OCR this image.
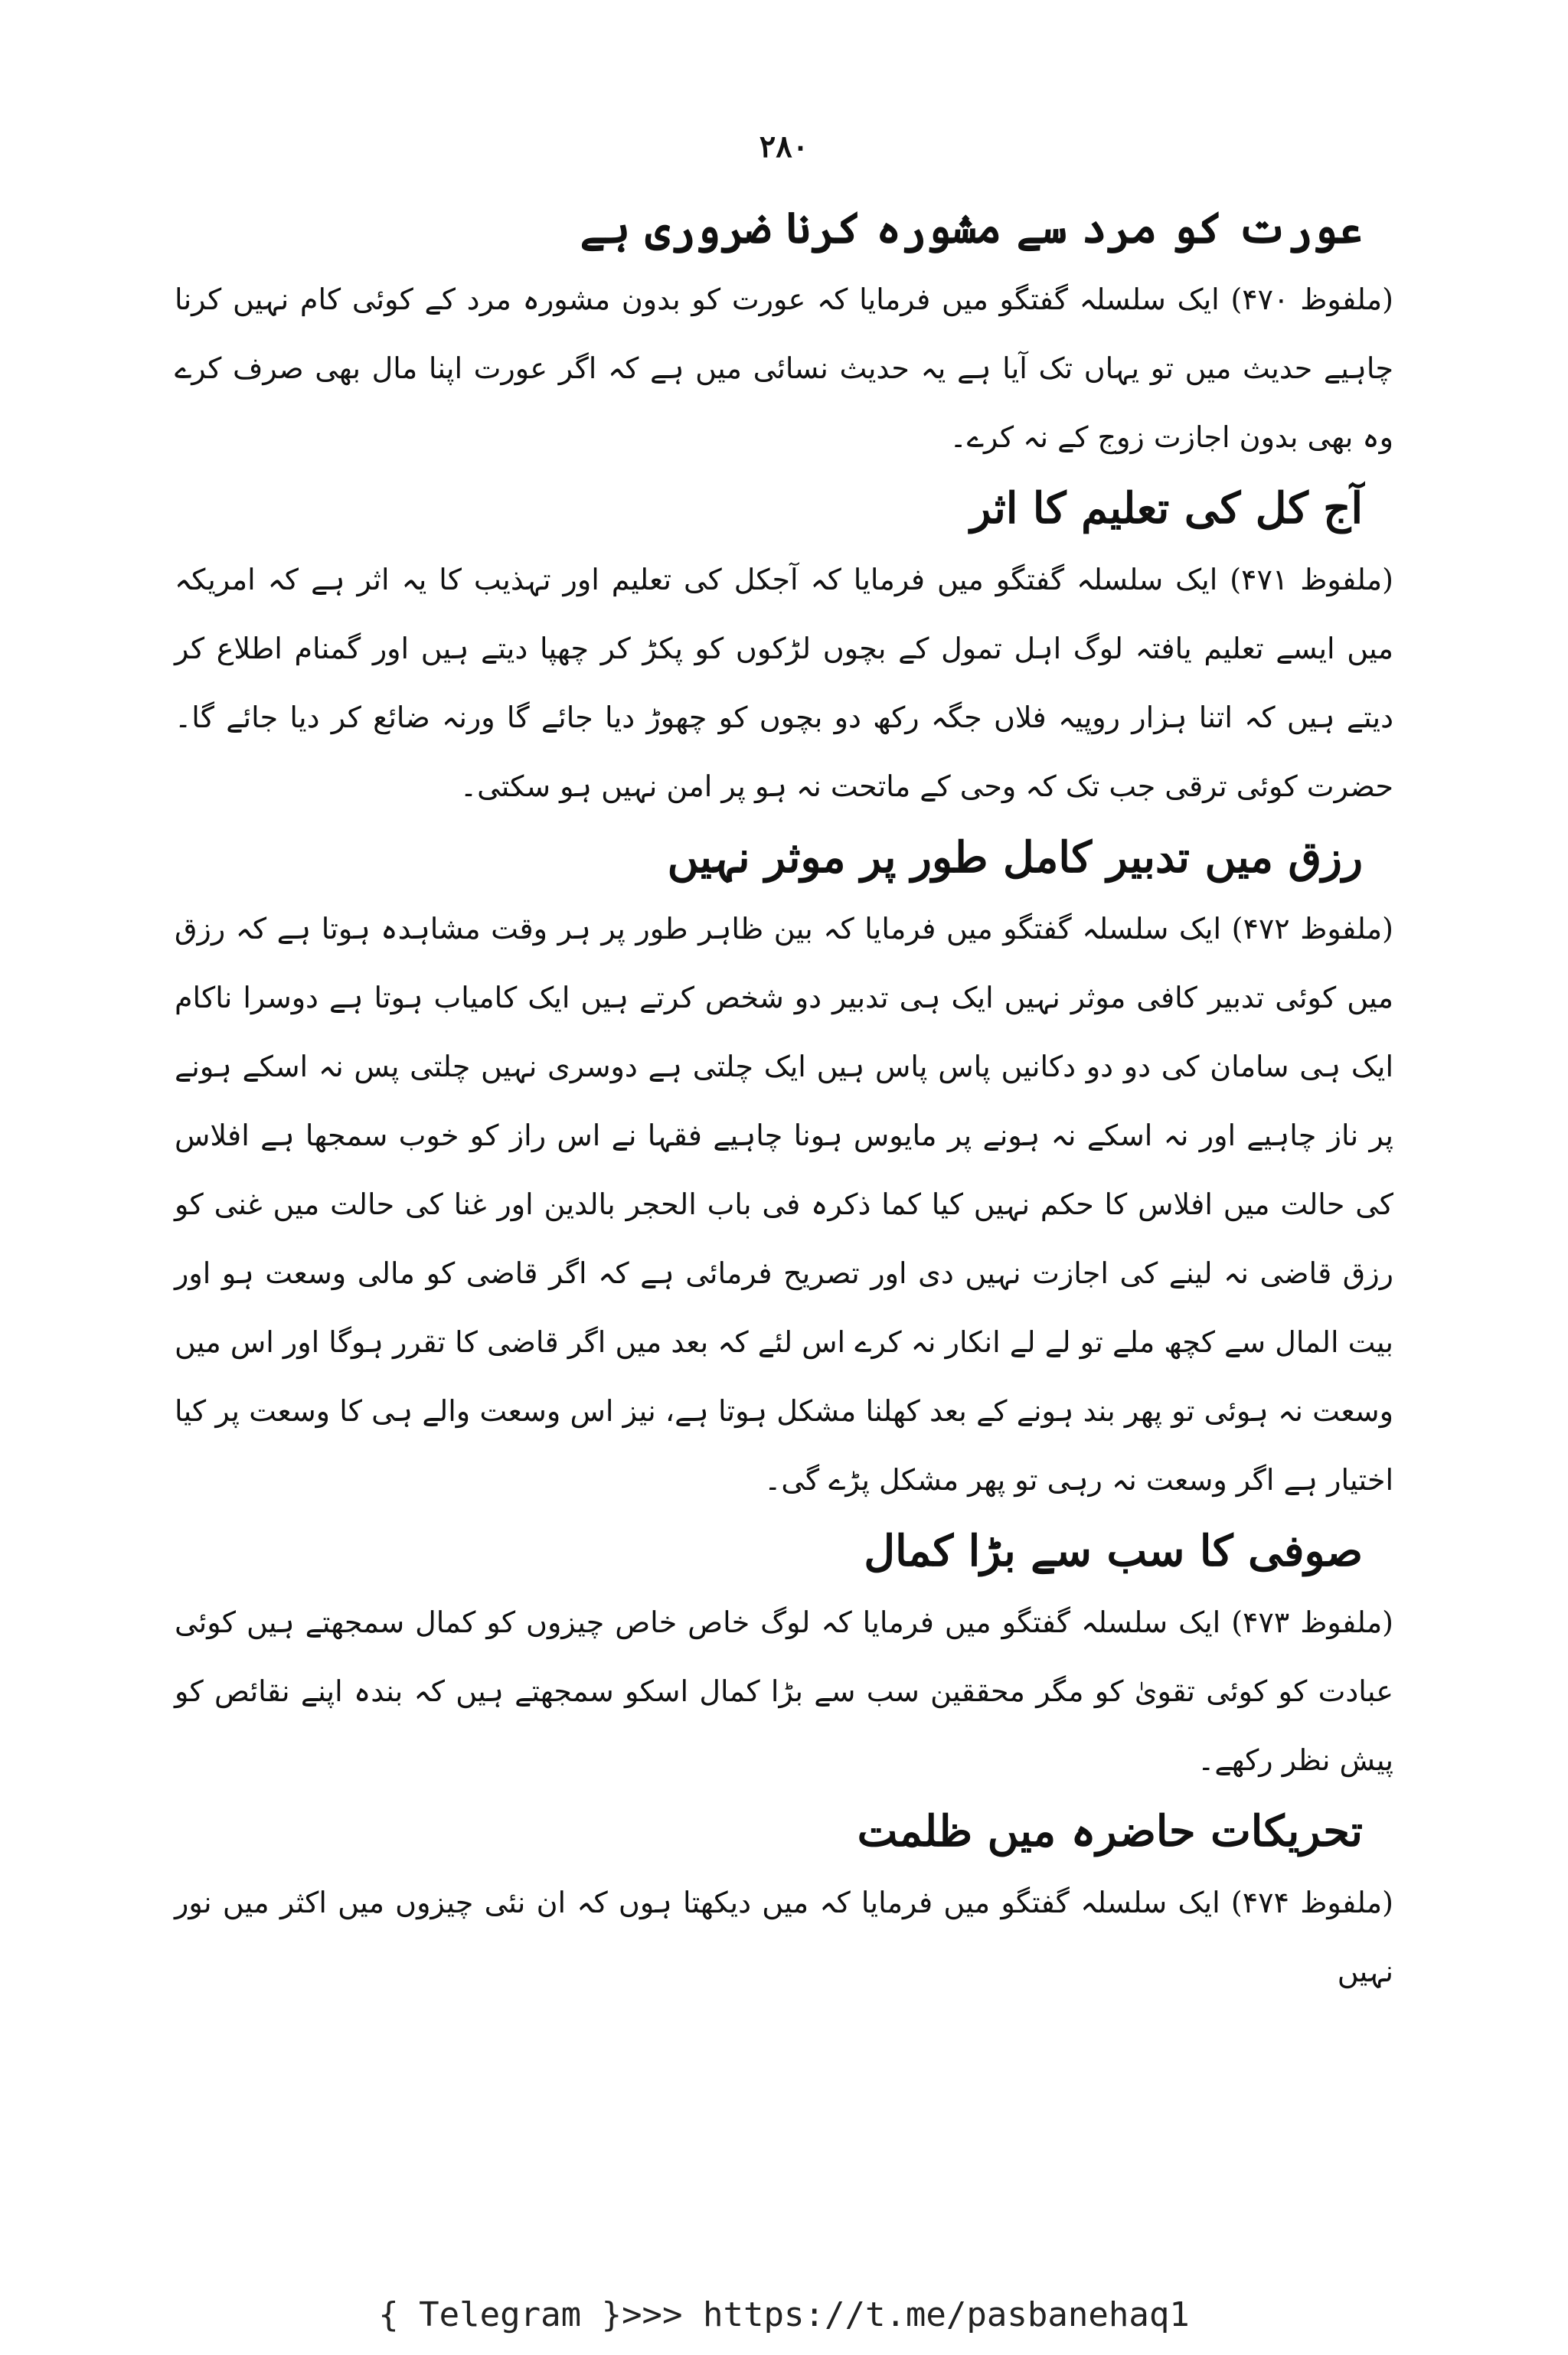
۲۸۰
عورت کو مرد سے مشورہ کرنا ضروری ہے

(ملفوظ ۴۷۰) ایک سلسلہ گفتگو میں فرمایا کہ عورت کو بدون مشورہ مرد کے کوئی کام نہیں کرنا چاہیے حدیث میں تو یہاں تک آیا ہے یہ حدیث نسائی میں ہے کہ اگر عورت اپنا مال بھی صرف کرے وہ بھی بدون اجازت زوج کے نہ کرے۔

آج کل کی تعلیم کا اثر

(ملفوظ ۴۷۱) ایک سلسلہ گفتگو میں فرمایا کہ آجکل کی تعلیم اور تہذیب کا یہ اثر ہے کہ امریکہ میں ایسے تعلیم یافتہ لوگ اہل تمول کے بچوں لڑکوں کو پکڑ کر چھپا دیتے ہیں اور گمنام اطلاع کر دیتے ہیں کہ اتنا ہزار روپیہ فلاں جگہ رکھ دو بچوں کو چھوڑ دیا جائے گا ورنہ ضائع کر دیا جائے گا۔ حضرت کوئی ترقی جب تک کہ وحی کے ماتحت نہ ہو پر امن نہیں ہو سکتی۔

رزق میں تدبیر کامل طور پر موثر نہیں

(ملفوظ ۴۷۲) ایک سلسلہ گفتگو میں فرمایا کہ بین ظاہر طور پر ہر وقت مشاہدہ ہوتا ہے کہ رزق میں کوئی تدبیر کافی موثر نہیں ایک ہی تدبیر دو شخص کرتے ہیں ایک کامیاب ہوتا ہے دوسرا ناکام ایک ہی سامان کی دو دو دکانیں پاس پاس ہیں ایک چلتی ہے دوسری نہیں چلتی پس نہ اسکے ہونے پر ناز چاہیے اور نہ اسکے نہ ہونے پر مایوس ہونا چاہیے فقہا نے اس راز کو خوب سمجھا ہے افلاس کی حالت میں افلاس کا حکم نہیں کیا کما ذکرہ فی باب الحجر بالدین اور غنا کی حالت میں غنی کو رزق قاضی نہ لینے کی اجازت نہیں دی اور تصریح فرمائی ہے کہ اگر قاضی کو مالی وسعت ہو اور بیت المال سے کچھ ملے تو لے لے انکار نہ کرے اس لئے کہ بعد میں اگر قاضی کا تقرر ہوگا اور اس میں وسعت نہ ہوئی تو پھر بند ہونے کے بعد کھلنا مشکل ہوتا ہے، نیز اس وسعت والے ہی کا وسعت پر کیا اختیار ہے اگر وسعت نہ رہی تو پھر مشکل پڑے گی۔

صوفی کا سب سے بڑا کمال

(ملفوظ ۴۷۳) ایک سلسلہ گفتگو میں فرمایا کہ لوگ خاص خاص چیزوں کو کمال سمجھتے ہیں کوئی عبادت کو کوئی تقویٰ کو مگر محققین سب سے بڑا کمال اسکو سمجھتے ہیں کہ بندہ اپنے نقائص کو پیش نظر رکھے۔

تحریکات حاضرہ میں ظلمت

(ملفوظ ۴۷۴) ایک سلسلہ گفتگو میں فرمایا کہ میں دیکھتا ہوں کہ ان نئی چیزوں میں اکثر میں نور نہیں

{ Telegram }>>> https://t.me/pasbanehaq1
